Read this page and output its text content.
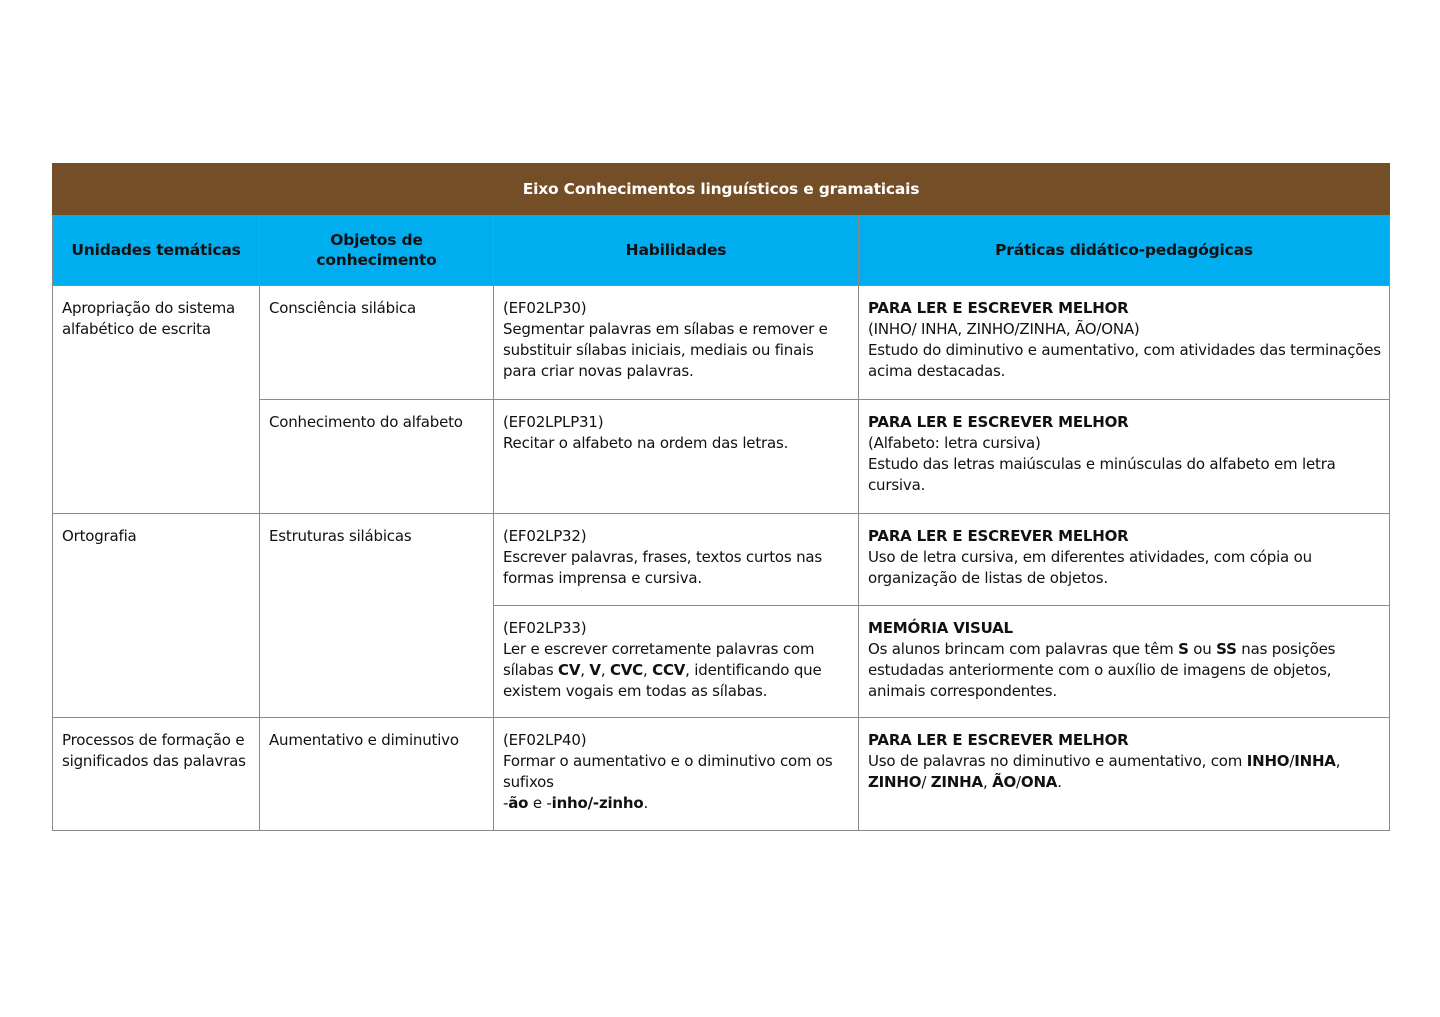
Eixo Conhecimentos linguísticos e gramaticais			
Unidades temáticas	Objetos de conhecimento	Habilidades	Práticas didático-pedagógicas
Apropriação do sistema alfabético de escrita	Consciência silábica	(EF02LP30)
Segmentar palavras em sílabas e remover e substituir sílabas iniciais, mediais ou finais para criar novas palavras.	PARA LER E ESCREVER MELHOR
(INHO/ INHA, ZINHO/ZINHA, ÃO/ONA)
Estudo do diminutivo e aumentativo, com atividades das terminações acima destacadas.

	Conhecimento do alfabeto	(EF02LPLP31)
Recitar o alfabeto na ordem das letras.	PARA LER E ESCREVER MELHOR
(Alfabeto: letra cursiva)
Estudo das letras maiúsculas e minúsculas do alfabeto em letra cursiva.

Ortografia	Estruturas silábicas	(EF02LP32)
Escrever palavras, frases, textos curtos nas formas imprensa e cursiva.	PARA LER E ESCREVER MELHOR
Uso de letra cursiva, em diferentes atividades, com cópia ou organização de listas de objetos.

		(EF02LP33)
Ler e escrever corretamente palavras com sílabas CV, V, CVC, CCV, identificando que existem vogais em todas as sílabas.	MEMÓRIA VISUAL
Os alunos brincam com palavras que têm S ou SS nas posições estudadas anteriormente com o auxílio de imagens de objetos, animais correspondentes.

Processos de formação e significados das palavras	Aumentativo e diminutivo	(EF02LP40)
Formar o aumentativo e o diminutivo com os sufixos
-ão e -inho/-zinho.	PARA LER E ESCREVER MELHOR
Uso de palavras no diminutivo e aumentativo, com INHO/INHA, ZINHO/ ZINHA, ÃO/ONA.
